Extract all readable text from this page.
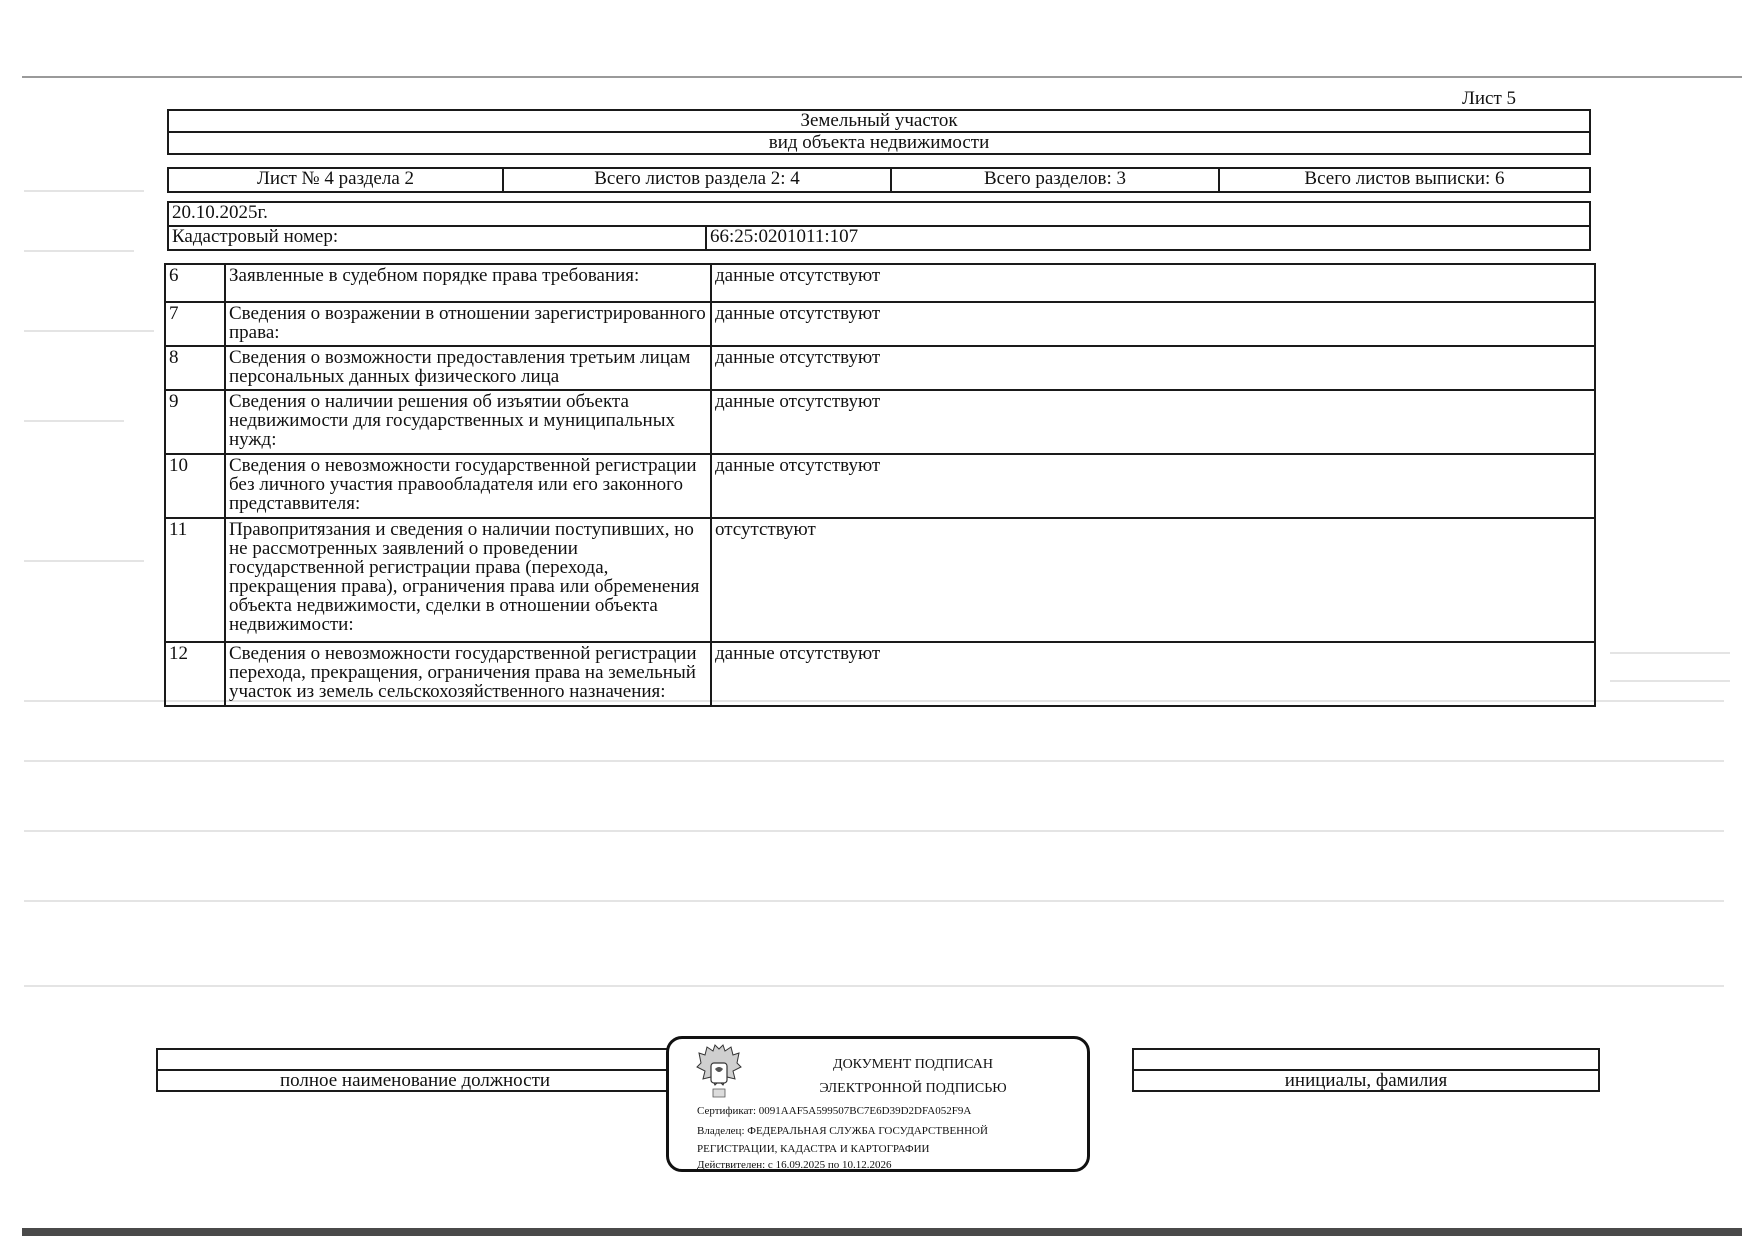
Лист 5
Земельный участок
вид объекта недвижимости
Лист № 4 раздела 2	Всего листов раздела 2: 4	Всего разделов: 3	Всего листов выписки: 6
20.10.2025г.
Кадастровый номер:	66:25:0201011:107
6	Заявленные в судебном порядке права требования:	данные отсутствуют
7	Сведения о возражении в отношении зарегистрированного права:	данные отсутствуют
8	Сведения о возможности предоставления третьим лицам персональных данных физического лица	данные отсутствуют
9	Сведения о наличии решения об изъятии объекта недвижимости для государственных и муниципальных нужд:	данные отсутствуют
10	Сведения о невозможности государственной регистрации без личного участия правообладателя или его законного представвителя:	данные отсутствуют
11	Правопритязания и сведения о наличии поступивших, но не рассмотренных заявлений о проведении государственной регистрации права (перехода, прекращения права), ограничения права или обременения объекта недвижимости, сделки в отношении объекта недвижимости:	отсутствуют
12	Сведения о невозможности государственной регистрации перехода, прекращения, ограничения права на земельный участок из земель сельскохозяйственного назначения:	данные отсутствуют

полное наименование должности		инициалы, фамилия
ДОКУМЕНТ ПОДПИСАН
ЭЛЕКТРОННОЙ ПОДПИСЬЮ
Сертификат: 0091AAF5A599507BC7E6D39D2DFA052F9A
Владелец: ФЕДЕРАЛЬНАЯ СЛУЖБА ГОСУДАРСТВЕННОЙ
РЕГИСТРАЦИИ, КАДАСТРА И КАРТОГРАФИИ
Действителен: с 16.09.2025 по 10.12.2026
